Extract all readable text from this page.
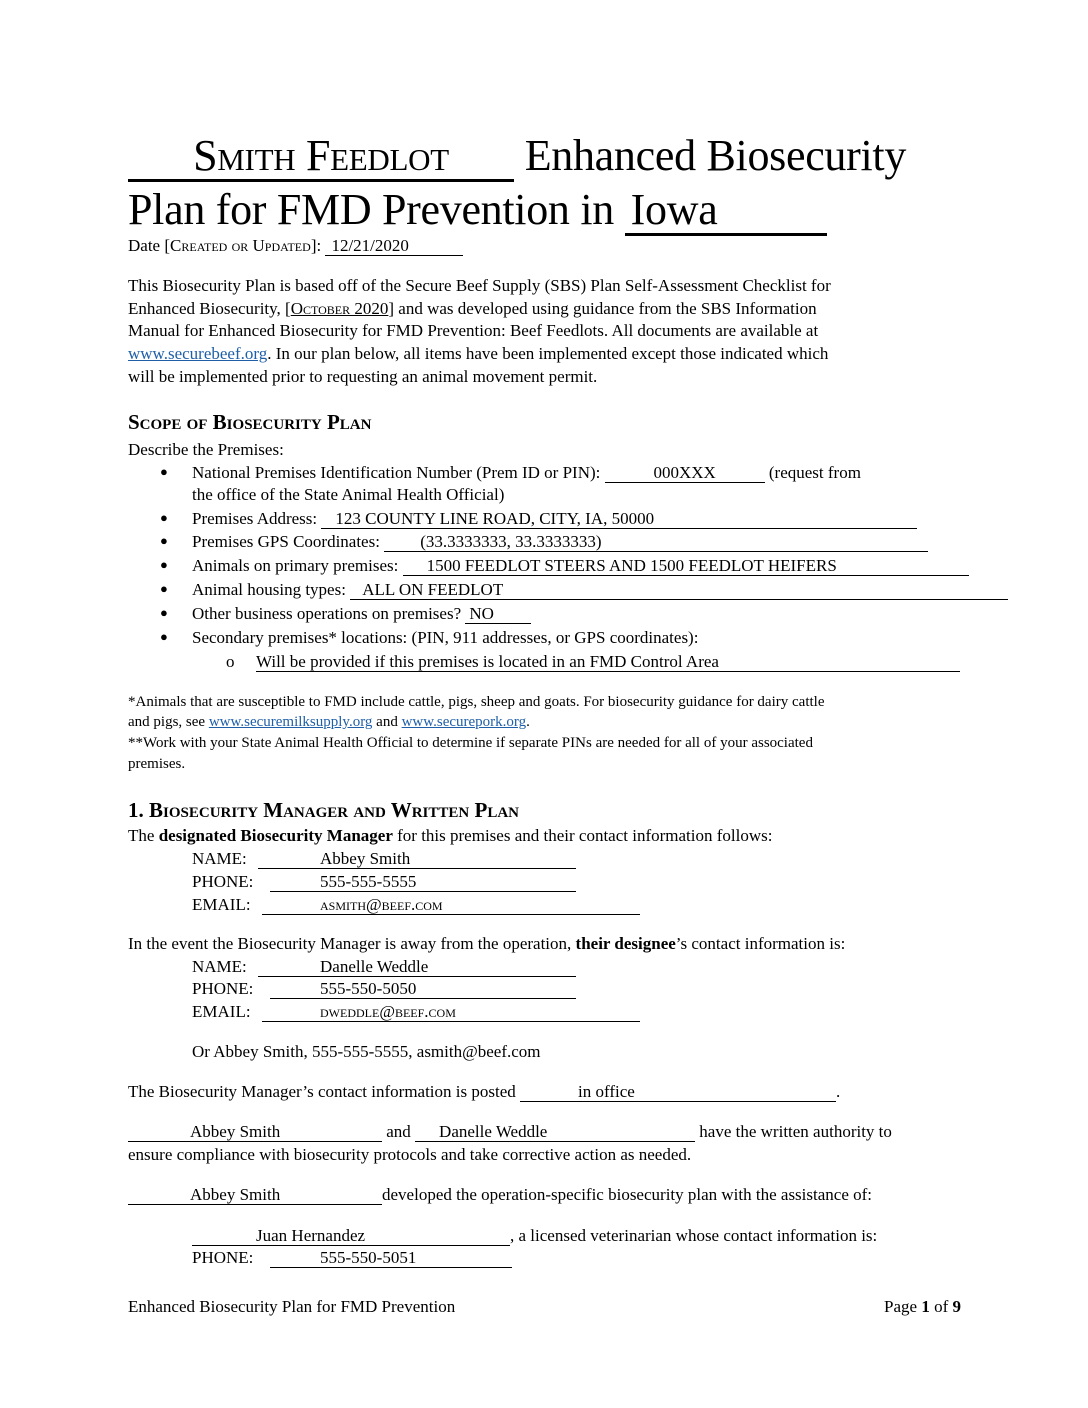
Smith Feedlot Enhanced Biosecurity
Plan for FMD Prevention in Iowa
Date [Created or Updated]: 12/21/2020
This Biosecurity Plan is based off of the Secure Beef Supply (SBS) Plan Self-Assessment Checklist for
Enhanced Biosecurity, [October 2020] and was developed using guidance from the SBS Information
Manual for Enhanced Biosecurity for FMD Prevention: Beef Feedlots. All documents are available at
www.securebeef.org. In our plan below, all items have been implemented except those indicated which
will be implemented prior to requesting an animal movement permit.
Scope of Biosecurity Plan
Describe the Premises:
● National Premises Identification Number (Prem ID or PIN):	000XXX	(request from
the office of the State Animal Health Official)
● Premises Address: 123 COUNTY LINE ROAD, CITY, IA, 50000
● Premises GPS Coordinates: (33.3333333, 33.3333333)
● Animals on primary premises: 1500 FEEDLOT STEERS AND 1500 FEEDLOT HEIFERS
● Animal housing types: ALL ON FEEDLOT
● Other business operations on premises? NO
● Secondary premises* locations: (PIN, 911 addresses, or GPS coordinates):
o Will be provided if this premises is located in an FMD Control Area
*Animals that are susceptible to FMD include cattle, pigs, sheep and goats. For biosecurity guidance for dairy cattle
and pigs, see www.securemilksupply.org and www.securepork.org.
**Work with your State Animal Health Official to determine if separate PINs are needed for all of your associated
premises.
1. Biosecurity Manager and Written Plan
The designated Biosecurity Manager for this premises and their contact information follows:
NAME:	Abbey Smith
PHONE:	555-555-5555
EMAIL:	asmith@beef.com
In the event the Biosecurity Manager is away from the operation, their designee’s contact information is:
NAME:	Danelle Weddle
PHONE:	555-550-5050
EMAIL:	dweddle@beef.com
Or Abbey Smith, 555-555-5555, asmith@beef.com
The Biosecurity Manager’s contact information is posted	in office	.
Abbey Smith	and Danelle Weddle	have the written authority to
ensure compliance with biosecurity protocols and take corrective action as needed.
Abbey Smith	developed the operation-specific biosecurity plan with the assistance of:
Juan Hernandez	, a licensed veterinarian whose contact information is:
PHONE:	555-550-5051
Enhanced Biosecurity Plan for FMD Prevention	Page 1 of 9
